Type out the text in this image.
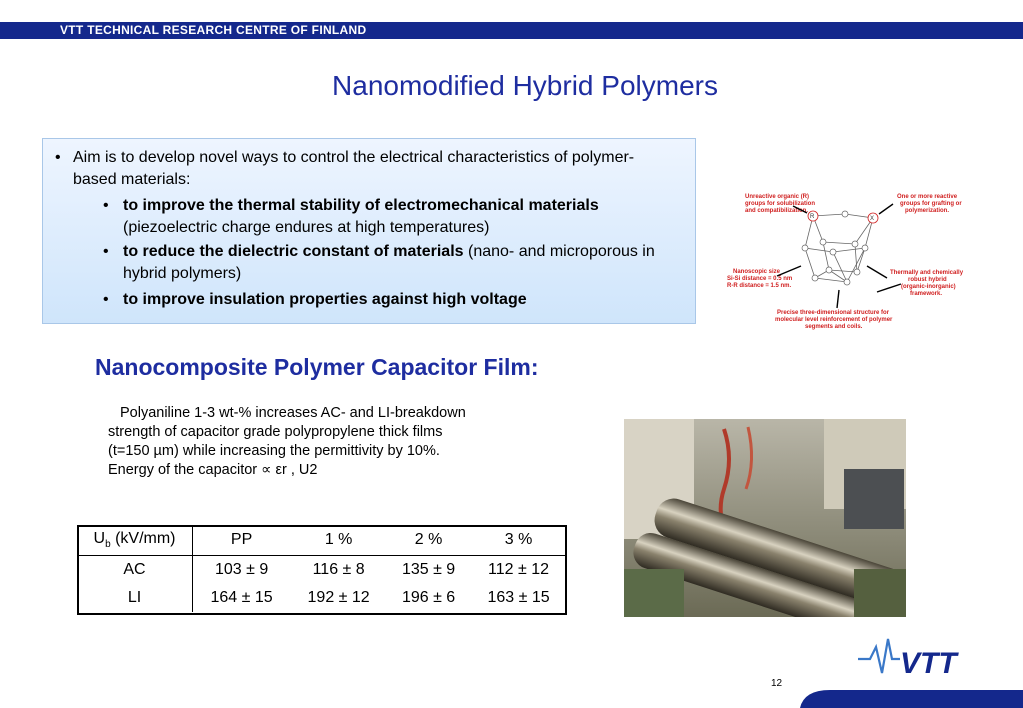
VTT TECHNICAL RESEARCH CENTRE OF FINLAND
Nanomodified Hybrid Polymers
• Aim is to develop novel ways to control the electrical characteristics of polymer-based materials:
• to improve the thermal stability of electromechanical materials
(piezoelectric charge endures at high temperatures)
• to reduce the dielectric constant of materials (nano- and microporous in hybrid polymers)
• to improve insulation properties against high voltage
Unreactive organic (R)
groups for solubilization
and compatibilization.
One or more reactive
groups for grafting or
polymerization.
Nanoscopic size
Si-Si distance = 0.5 nm
R-R distance = 1.5 nm.
Thermally and chemically
robust hybrid
(organic-inorganic)
framework.
Precise three-dimensional structure for
molecular level reinforcement of polymer
segments and coils.
R	X
Nanocomposite Polymer Capacitor Film:
Polyaniline 1-3 wt-% increases AC- and LI-breakdown strength of capacitor grade polypropylene thick films (t=150 µm) while increasing the permittivity by 10%. Energy of the capacitor ∝ εr , U2
$U_b$ (kV/mm)	PP	1 %	2 %	3 %
AC	103 ± 9	116 ± 8	135 ± 9	112 ± 12
LI	164 ± 15	192 ± 12	196 ± 6	163 ± 15
VTT
12
